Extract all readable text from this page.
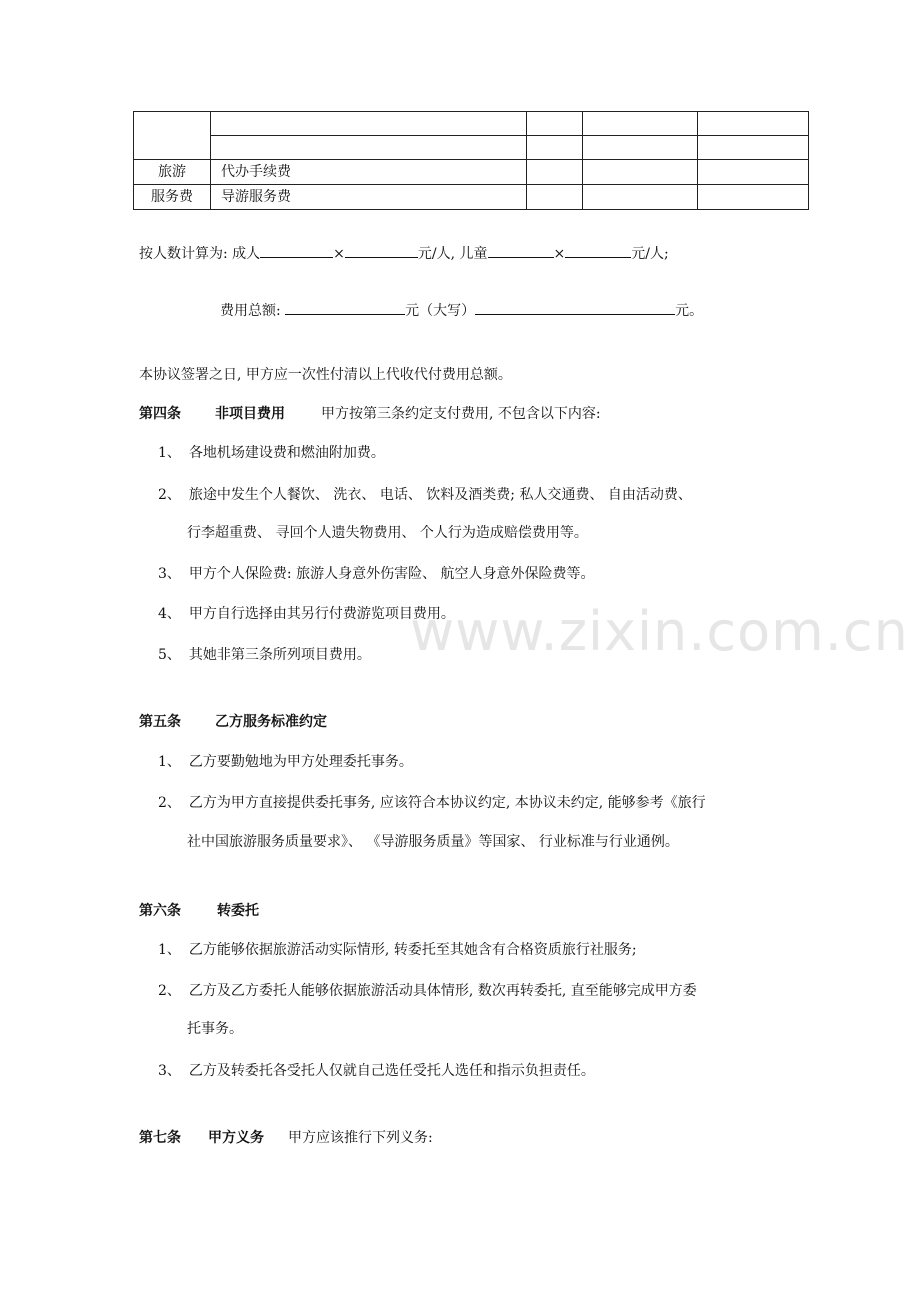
www.zixin.com.cn

旅游	代办手续费			
服务费	导游服务费			
按人数计算为: 成人	×	元/人, 儿童	×	元/人;
费用总额:	元（大写）	元。
本协议签署之日, 甲方应一次性付清以上代收代付费用总额。
第四条 非项目费用	甲方按第三条约定支付费用, 不包含以下内容:
1、 各地机场建设费和燃油附加费。
2、 旅途中发生个人餐饮、 洗衣、 电话、 饮料及酒类费; 私人交通费、 自由活动费、
行李超重费、 寻回个人遗失物费用、 个人行为造成赔偿费用等。
3、 甲方个人保险费: 旅游人身意外伤害险、 航空人身意外保险费等。
4、 甲方自行选择由其另行付费游览项目费用。
5、 其她非第三条所列项目费用。
第五条 乙方服务标准约定
1、 乙方要勤勉地为甲方处理委托事务。
2、 乙方为甲方直接提供委托事务, 应该符合本协议约定, 本协议未约定, 能够参考《旅行
社中国旅游服务质量要求》、 《导游服务质量》等国家、 行业标准与行业通例。
第六条	转委托
1、 乙方能够依据旅游活动实际情形, 转委托至其她含有合格资质旅行社服务;
2、 乙方及乙方委托人能够依据旅游活动具体情形, 数次再转委托, 直至能够完成甲方委
托事务。
3、 乙方及转委托各受托人仅就自己选任受托人选任和指示负担责任。
第七条 甲方义务 甲方应该推行下列义务:
